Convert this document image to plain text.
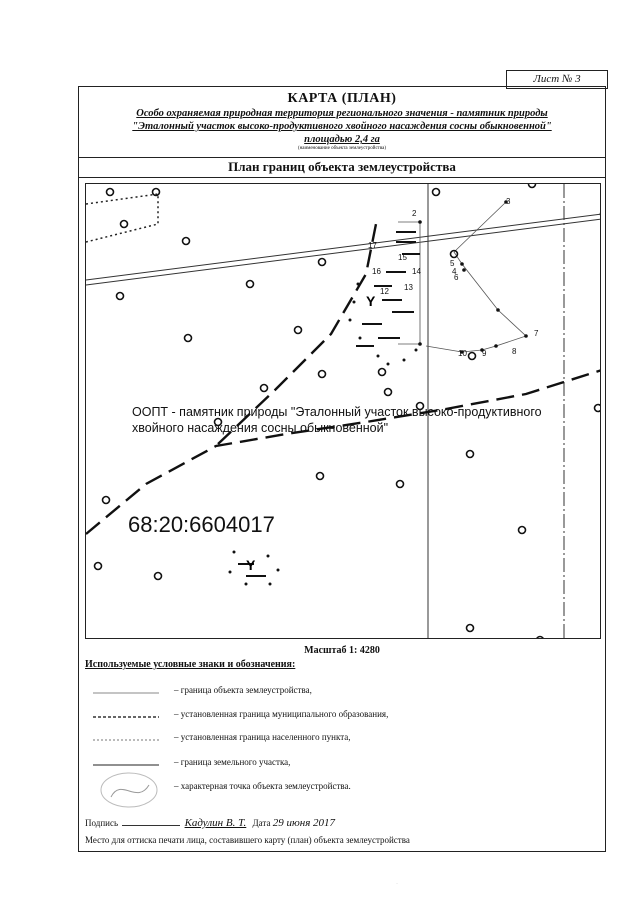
Лист № 3
КАРТА (ПЛАН)
Особо охраняемая природная территория регионального значения - памятник природы
"Эталонный участок высоко-продуктивного хвойного насаждения сосны обыкновенной"
площадью 2,4 га
(наименование объекта землеустройства)
План границ объекта землеустройства
Y
Y
2
3
4
5
6
7
8
9
10
12 13
14
15
16
17
ООПТ - памятник природы "Эталонный участок высоко-продуктивного
хвойного насаждения сосны обыкновенной"
68:20:6604017
Масштаб 1: 4280
Используемые условные знаки и обозначения:
– граница объекта землеустройства,
– установленная граница муниципального образования,
– установленная граница населенного пункта,
– граница земельного участка,
– характерная точка объекта землеустройства.
Подпись	Кадулин В. Т. Дата 29 июня 2017
Место для оттиска печати лица, составившего карту (план) объекта землеустройства
˙
